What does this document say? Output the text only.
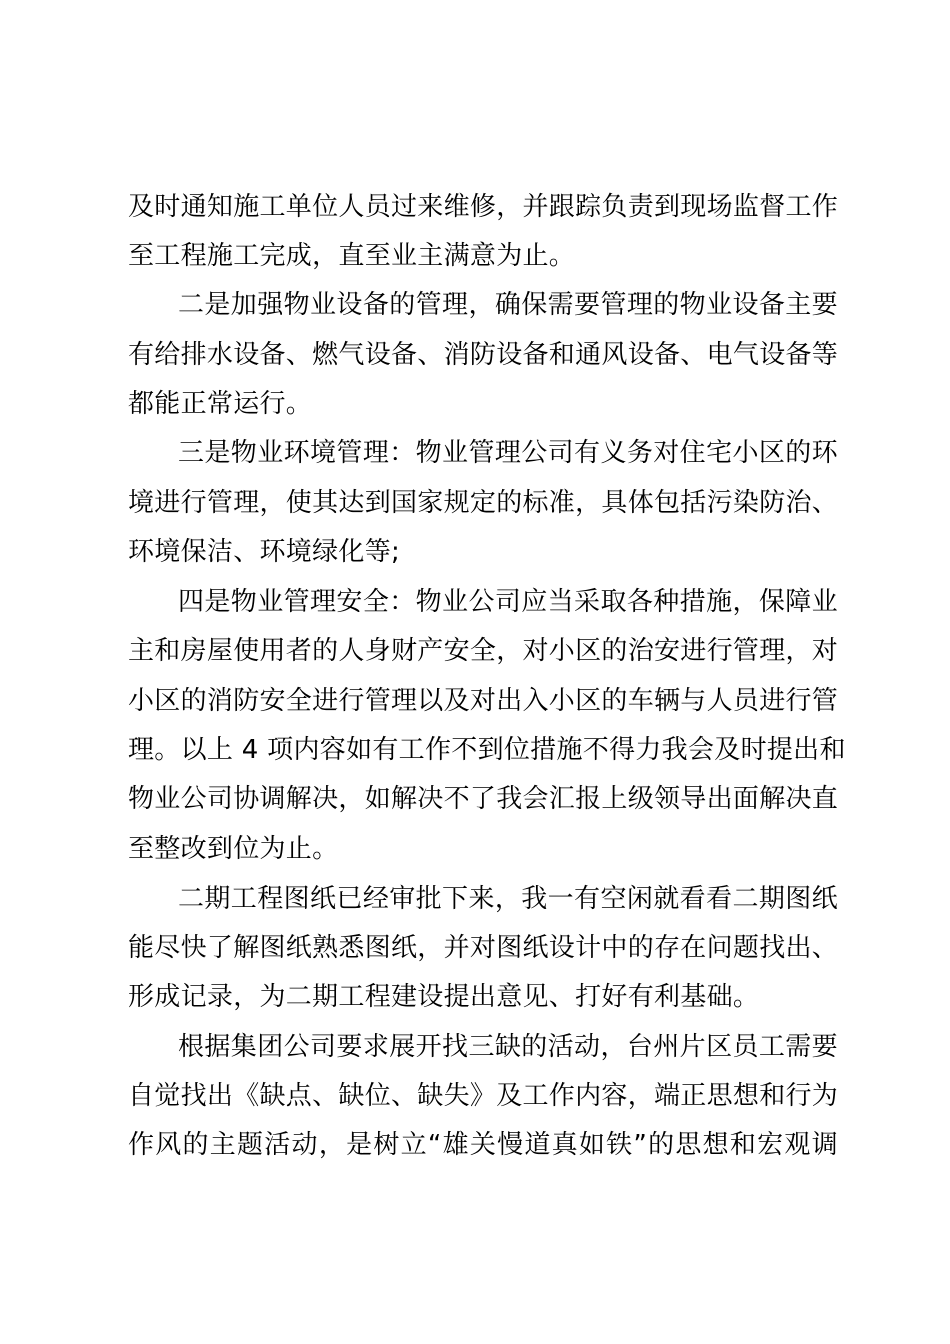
及时通知施工单位人员过来维修，并跟踪负责到现场监督工作
至工程施工完成，直至业主满意为止。
二是加强物业设备的管理，确保需要管理的物业设备主要
有给排水设备、燃气设备、消防设备和通风设备、电气设备等
都能正常运行。
三是物业环境管理：物业管理公司有义务对住宅小区的环
境进行管理，使其达到国家规定的标准，具体包括污染防治、
环境保洁、环境绿化等;
四是物业管理安全：物业公司应当采取各种措施，保障业
主和房屋使用者的人身财产安全，对小区的治安进行管理，对
小区的消防安全进行管理以及对出入小区的车辆与人员进行管
理。以上 4 项内容如有工作不到位措施不得力我会及时提出和
物业公司协调解决，如解决不了我会汇报上级领导出面解决直
至整改到位为止。
二期工程图纸已经审批下来，我一有空闲就看看二期图纸
能尽快了解图纸熟悉图纸，并对图纸设计中的存在问题找出、
形成记录，为二期工程建设提出意见、打好有利基础。
根据集团公司要求展开找三缺的活动，台州片区员工需要
自觉找出《缺点、缺位、缺失》及工作内容，端正思想和行为
作风的主题活动，是树立“雄关慢道真如铁”的思想和宏观调
